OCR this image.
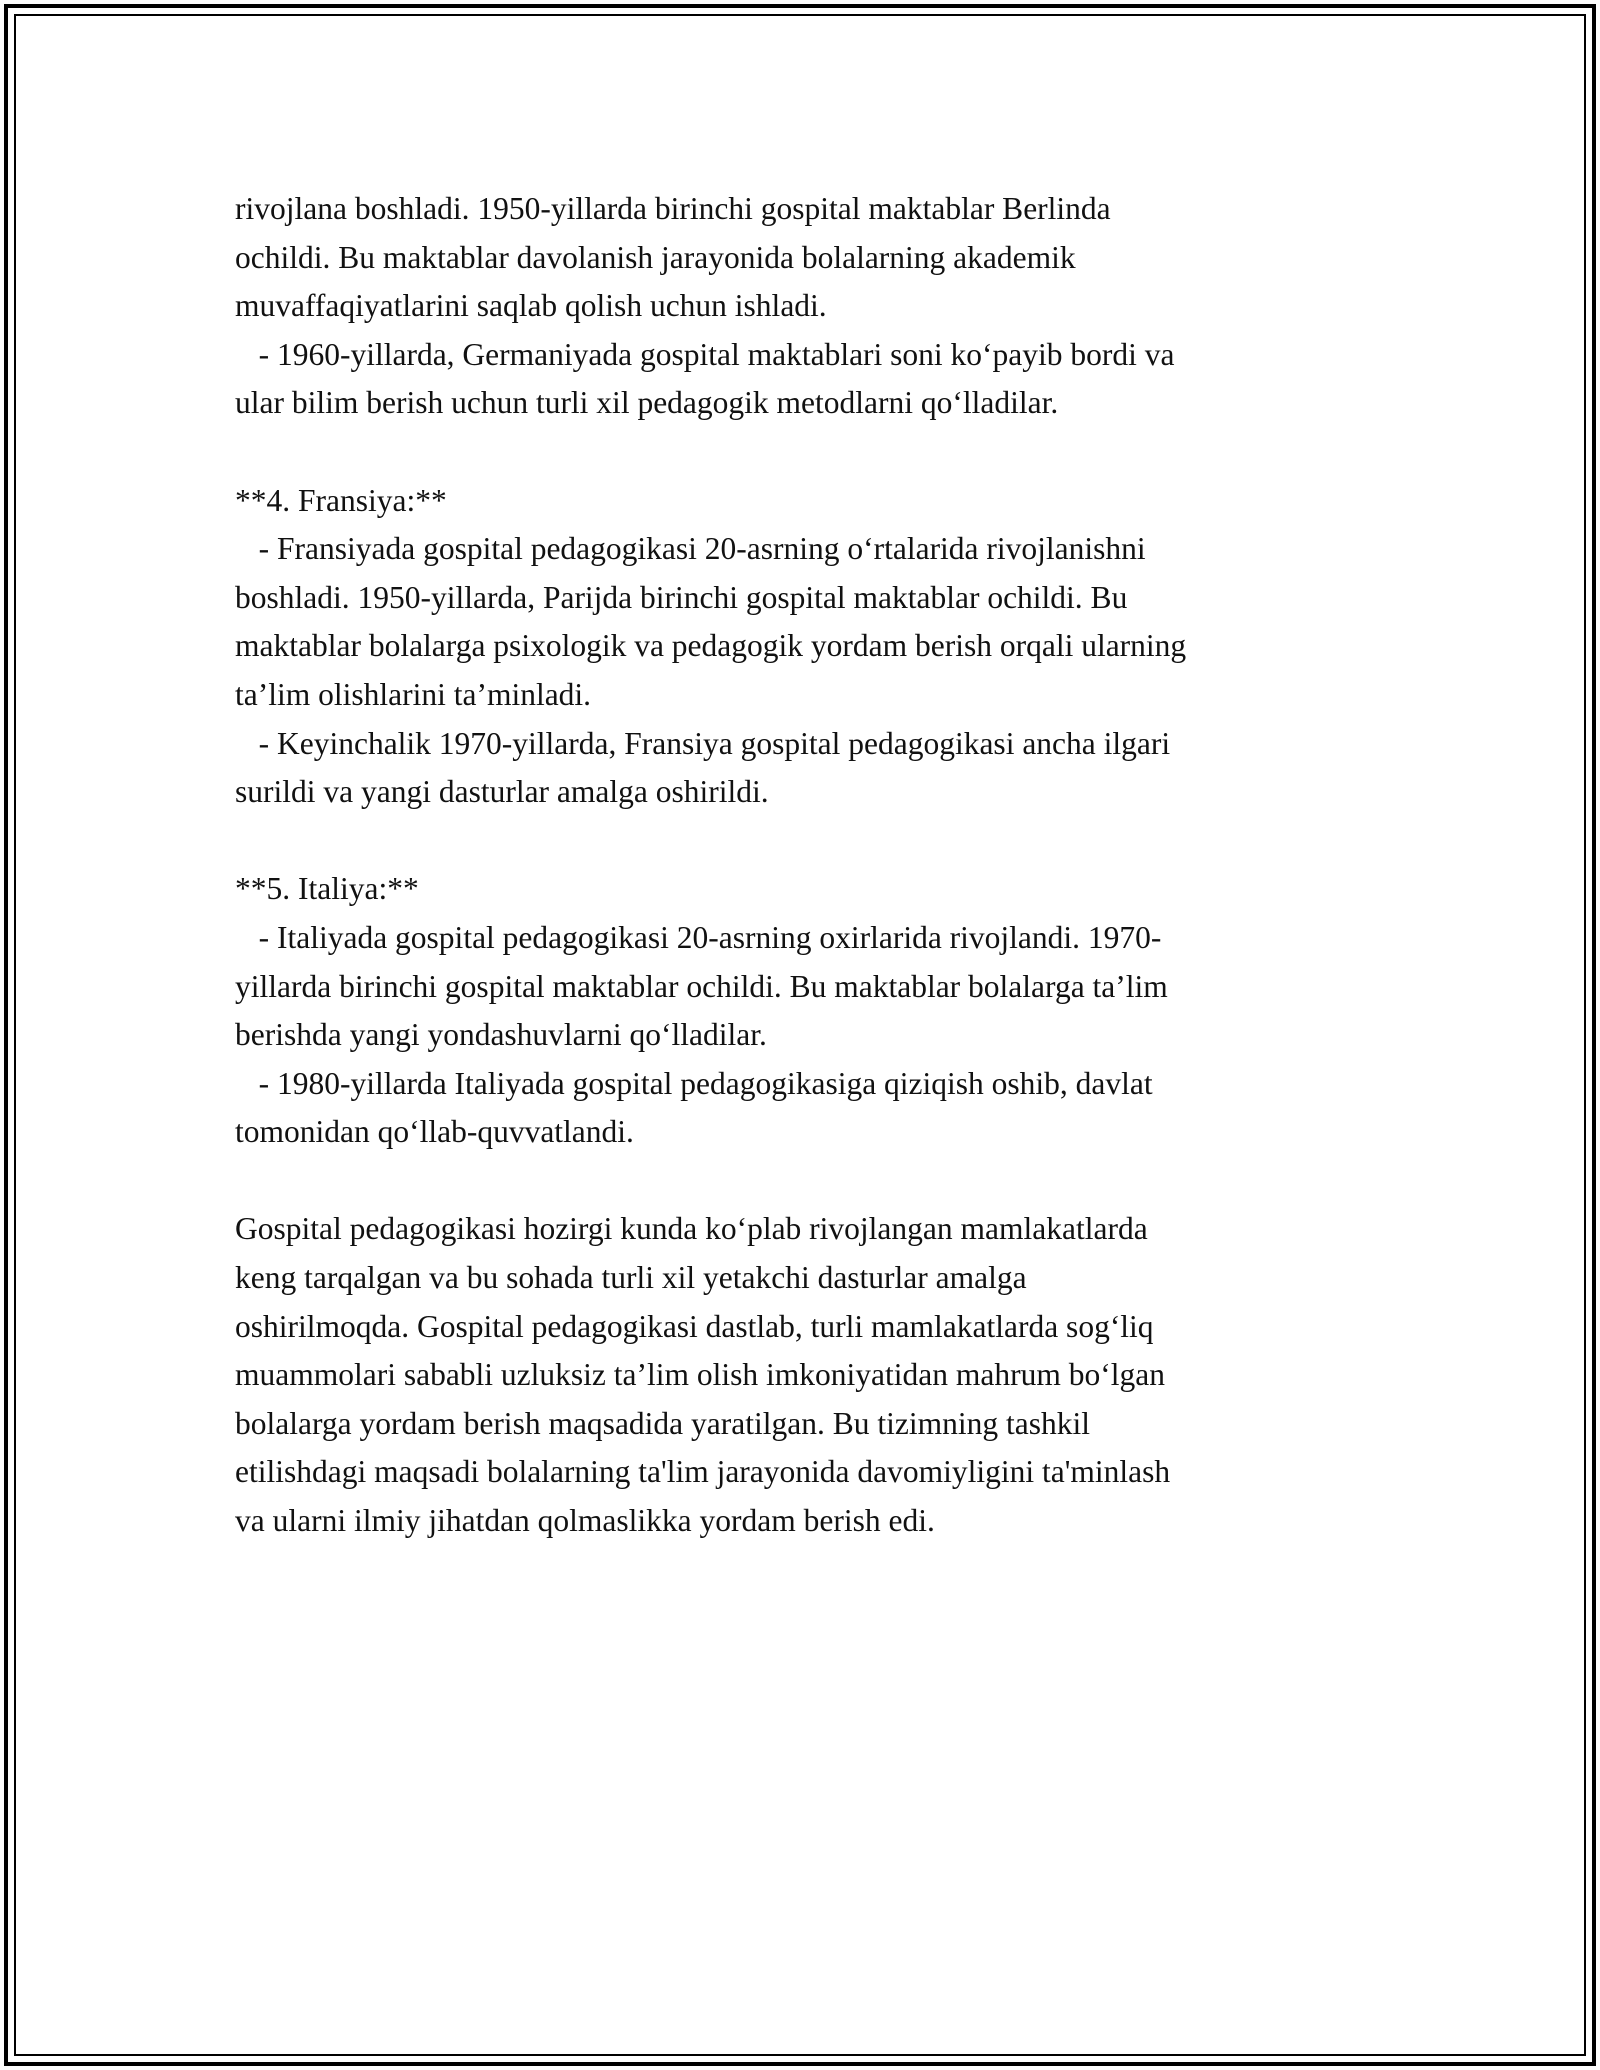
rivojlana boshladi. 1950-yillarda birinchi gospital maktablar Berlinda
ochildi. Bu maktablar davolanish jarayonida bolalarning akademik
muvaffaqiyatlarini saqlab qolish uchun ishladi.
- 1960-yillarda, Germaniyada gospital maktablari soni ko‘payib bordi va
ular bilim berish uchun turli xil pedagogik metodlarni qo‘lladilar.
**4. Fransiya:**
- Fransiyada gospital pedagogikasi 20-asrning o‘rtalarida rivojlanishni
boshladi. 1950-yillarda, Parijda birinchi gospital maktablar ochildi. Bu
maktablar bolalarga psixologik va pedagogik yordam berish orqali ularning
ta’lim olishlarini ta’minladi.
- Keyinchalik 1970-yillarda, Fransiya gospital pedagogikasi ancha ilgari
surildi va yangi dasturlar amalga oshirildi.
**5. Italiya:**
- Italiyada gospital pedagogikasi 20-asrning oxirlarida rivojlandi. 1970-
yillarda birinchi gospital maktablar ochildi. Bu maktablar bolalarga ta’lim
berishda yangi yondashuvlarni qo‘lladilar.
- 1980-yillarda Italiyada gospital pedagogikasiga qiziqish oshib, davlat
tomonidan qo‘llab-quvvatlandi.
Gospital pedagogikasi hozirgi kunda ko‘plab rivojlangan mamlakatlarda
keng tarqalgan va bu sohada turli xil yetakchi dasturlar amalga
oshirilmoqda. Gospital pedagogikasi dastlab, turli mamlakatlarda sog‘liq
muammolari sababli uzluksiz ta’lim olish imkoniyatidan mahrum bo‘lgan
bolalarga yordam berish maqsadida yaratilgan. Bu tizimning tashkil
etilishdagi maqsadi bolalarning ta'lim jarayonida davomiyligini ta'minlash
va ularni ilmiy jihatdan qolmaslikka yordam berish edi.
